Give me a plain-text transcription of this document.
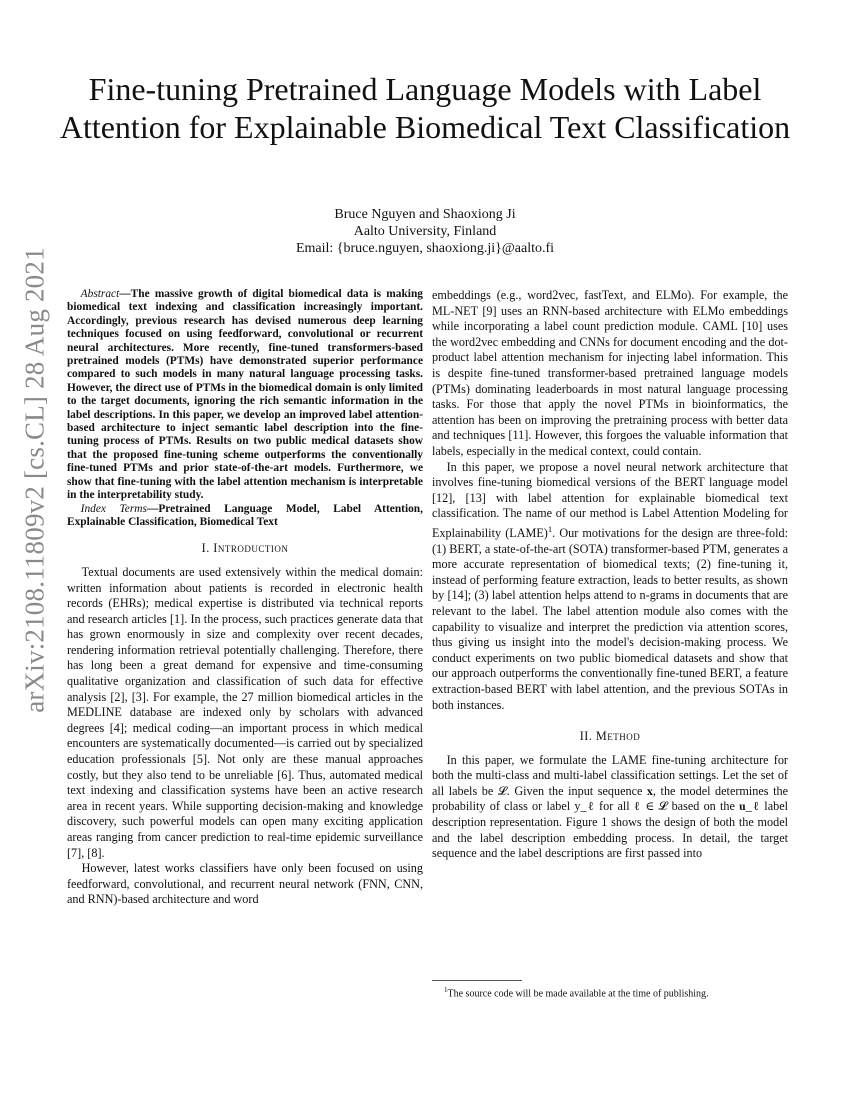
arXiv:2108.11809v2 [cs.CL] 28 Aug 2021
Fine-tuning Pretrained Language Models with Label Attention for Explainable Biomedical Text Classification
Bruce Nguyen and Shaoxiong Ji
Aalto University, Finland
Email: {bruce.nguyen, shaoxiong.ji}@aalto.fi

Abstract—The massive growth of digital biomedical data is making biomedical text indexing and classification increasingly important. Accordingly, previous research has devised numerous deep learning techniques focused on using feedforward, convolutional or recurrent neural architectures. More recently, fine-tuned transformers-based pretrained models (PTMs) have demonstrated superior performance compared to such models in many natural language processing tasks. However, the direct use of PTMs in the biomedical domain is only limited to the target documents, ignoring the rich semantic information in the label descriptions. In this paper, we develop an improved label attention-based architecture to inject semantic label description into the fine-tuning process of PTMs. Results on two public medical datasets show that the proposed fine-tuning scheme outperforms the conventionally fine-tuned PTMs and prior state-of-the-art models. Furthermore, we show that fine-tuning with the label attention mechanism is interpretable in the interpretability study.

Index Terms—Pretrained Language Model, Label Attention, Explainable Classification, Biomedical Text

I. Introduction

Textual documents are used extensively within the medical domain: written information about patients is recorded in electronic health records (EHRs); medical expertise is distributed via technical reports and research articles [1]. In the process, such practices generate data that has grown enormously in size and complexity over recent decades, rendering information retrieval potentially challenging. Therefore, there has long been a great demand for expensive and time-consuming qualitative organization and classification of such data for effective analysis [2], [3]. For example, the 27 million biomedical articles in the MEDLINE database are indexed only by scholars with advanced degrees [4]; medical coding—an important process in which medical encounters are systematically documented—is carried out by specialized education professionals [5]. Not only are these manual approaches costly, but they also tend to be unreliable [6]. Thus, automated medical text indexing and classification systems have been an active research area in recent years. While supporting decision-making and knowledge discovery, such powerful models can open many exciting application areas ranging from cancer prediction to real-time epidemic surveillance [7], [8].

However, latest works classifiers have only been focused on using feedforward, convolutional, and recurrent neural network (FNN, CNN, and RNN)-based architecture and word

embeddings (e.g., word2vec, fastText, and ELMo). For example, the ML-NET [9] uses an RNN-based architecture with ELMo embeddings while incorporating a label count prediction module. CAML [10] uses the word2vec embedding and CNNs for document encoding and the dot-product label attention mechanism for injecting label information. This is despite fine-tuned transformer-based pretrained language models (PTMs) dominating leaderboards in most natural language processing tasks. For those that apply the novel PTMs in bioinformatics, the attention has been on improving the pretraining process with better data and techniques [11]. However, this forgoes the valuable information that labels, especially in the medical context, could contain.

In this paper, we propose a novel neural network architecture that involves fine-tuning biomedical versions of the BERT language model [12], [13] with label attention for explainable biomedical text classification. The name of our method is Label Attention Modeling for Explainability (LAME)$^1$. Our motivations for the design are three-fold: (1) BERT, a state-of-the-art (SOTA) transformer-based PTM, generates a more accurate representation of biomedical texts; (2) fine-tuning it, instead of performing feature extraction, leads to better results, as shown by [14]; (3) label attention helps attend to n-grams in documents that are relevant to the label. The label attention module also comes with the capability to visualize and interpret the prediction via attention scores, thus giving us insight into the model's decision-making process. We conduct experiments on two public biomedical datasets and show that our approach outperforms the conventionally fine-tuned BERT, a feature extraction-based BERT with label attention, and the previous SOTAs in both instances.

II. Method

In this paper, we formulate the LAME fine-tuning architecture for both the multi-class and multi-label classification settings. Let the set of all labels be 𝓛. Given the input sequence 𝐱, the model determines the probability of class or label y_ℓ for all ℓ ∈ 𝓛 based on the 𝐮_ℓ label description representation. Figure 1 shows the design of both the model and the label description embedding process. In detail, the target sequence and the label descriptions are first passed into

$^1$The source code will be made available at the time of publishing.
